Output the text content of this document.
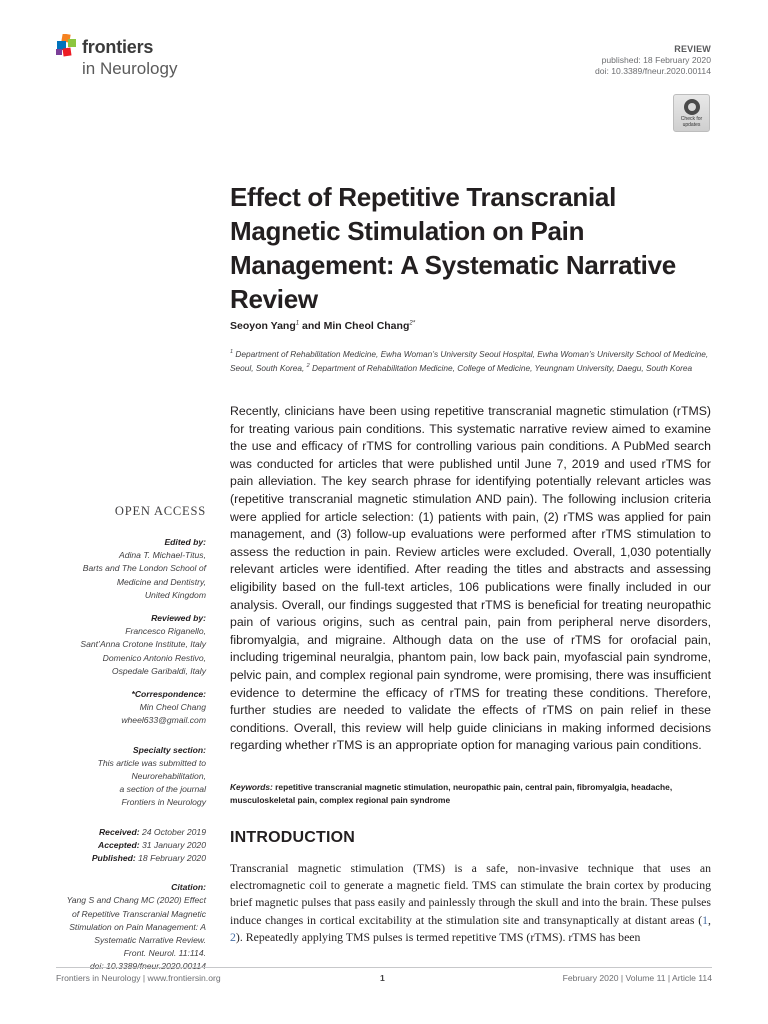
frontiers
in Neurology
REVIEW
published: 18 February 2020
doi: 10.3389/fneur.2020.00114
Check for
updates
Effect of Repetitive Transcranial Magnetic Stimulation on Pain Management: A Systematic Narrative Review
Seoyon Yang$^1$ and Min Cheol Chang$^{2*}$
$^1$ Department of Rehabilitation Medicine, Ewha Woman’s University Seoul Hospital, Ewha Woman’s University School of Medicine, Seoul, South Korea, $^2$ Department of Rehabilitation Medicine, College of Medicine, Yeungnam University, Daegu, South Korea

Recently, clinicians have been using repetitive transcranial magnetic stimulation (rTMS) for treating various pain conditions. This systematic narrative review aimed to examine the use and efficacy of rTMS for controlling various pain conditions. A PubMed search was conducted for articles that were published until June 7, 2019 and used rTMS for pain alleviation. The key search phrase for identifying potentially relevant articles was (repetitive transcranial magnetic stimulation AND pain). The following inclusion criteria were applied for article selection: (1) patients with pain, (2) rTMS was applied for pain management, and (3) follow-up evaluations were performed after rTMS stimulation to assess the reduction in pain. Review articles were excluded. Overall, 1,030 potentially relevant articles were identified. After reading the titles and abstracts and assessing eligibility based on the full-text articles, 106 publications were finally included in our analysis. Overall, our findings suggested that rTMS is beneficial for treating neuropathic pain of various origins, such as central pain, pain from peripheral nerve disorders, fibromyalgia, and migraine. Although data on the use of rTMS for orofacial pain, including trigeminal neuralgia, phantom pain, low back pain, myofascial pain syndrome, pelvic pain, and complex regional pain syndrome, were promising, there was insufficient evidence to determine the efficacy of rTMS for treating these conditions. Therefore, further studies are needed to validate the effects of rTMS on pain relief in these conditions. Overall, this review will help guide clinicians in making informed decisions regarding whether rTMS is an appropriate option for managing various pain conditions.

Keywords: repetitive transcranial magnetic stimulation, neuropathic pain, central pain, fibromyalgia, headache, musculoskeletal pain, complex regional pain syndrome
INTRODUCTION

Transcranial magnetic stimulation (TMS) is a safe, non-invasive technique that uses an electromagnetic coil to generate a magnetic field. TMS can stimulate the brain cortex by producing brief magnetic pulses that pass easily and painlessly through the skull and into the brain. These pulses induce changes in cortical excitability at the stimulation site and transynaptically at distant areas (1, 2). Repeatedly applying TMS pulses is termed repetitive TMS (rTMS). rTMS has been

OPEN ACCESS
Edited by:
Adina T. Michael-Titus,
Barts and The London School of
Medicine and Dentistry,
United Kingdom
Reviewed by:
Francesco Riganello,
Sant’Anna Crotone Institute, Italy
Domenico Antonio Restivo,
Ospedale Garibaldi, Italy
*Correspondence:
Min Cheol Chang
wheel633@gmail.com
Specialty section:
This article was submitted to
Neurorehabilitation,
a section of the journal
Frontiers in Neurology
Received: 24 October 2019
Accepted: 31 January 2020
Published: 18 February 2020
Citation:
Yang S and Chang MC (2020) Effect
of Repetitive Transcranial Magnetic
Stimulation on Pain Management: A
Systematic Narrative Review.
Front. Neurol. 11:114.
Frontiers in Neurology | www.frontiersin.org	1	February 2020 | Volume 11 | Article 114
